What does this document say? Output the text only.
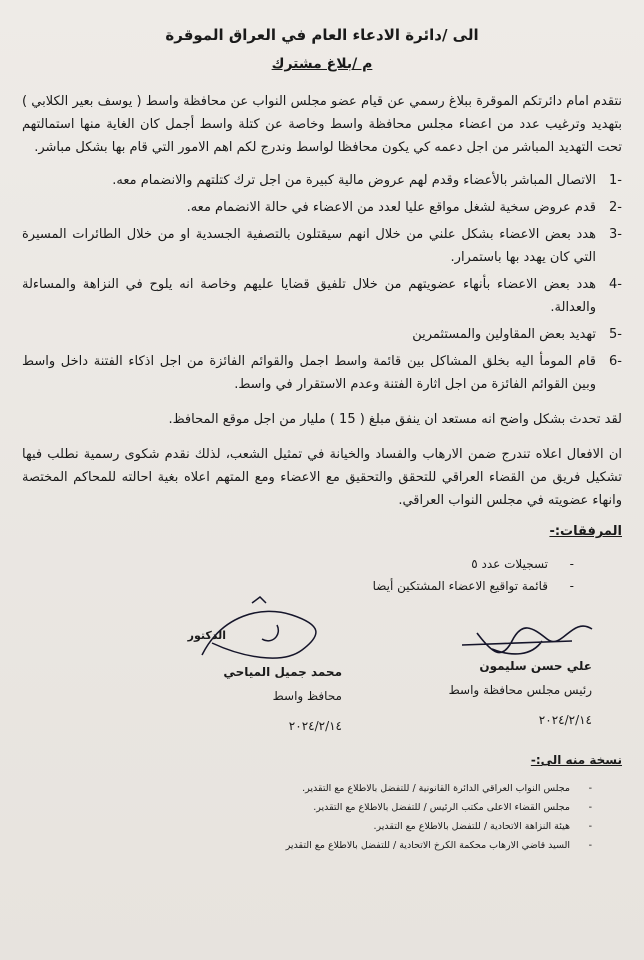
الى /دائرة الادعاء العام في العراق الموقرة
م /بلاغ مشترك
نتقدم امام دائرتكم الموقرة ببلاغ رسمي عن قيام عضو مجلس النواب عن محافظة واسط ( يوسف بعير الكلابي ) بتهديد وترغيب عدد من اعضاء مجلس محافظة واسط وخاصة عن كتلة واسط أجمل كان الغاية منها استمالتهم تحت التهديد المباشر من اجل دعمه كي يكون محافظا لواسط وندرج لكم اهم الامور التي قام بها بشكل مباشر.
-1
الاتصال المباشر بالأعضاء وقدم لهم عروض مالية كبيرة من اجل ترك كتلتهم والانضمام معه.
-2
قدم عروض سخية لشغل مواقع عليا لعدد من الاعضاء في حالة الانضمام معه.
-3
هدد بعض الاعضاء بشكل علني من خلال انهم سيقتلون بالتصفية الجسدية او من خلال الطائرات المسيرة التي كان يهدد بها باستمرار.
-4
هدد بعض الاعضاء بأنهاء عضويتهم من خلال تلفيق قضايا عليهم وخاصة انه يلوح في النزاهة والمساءلة والعدالة.
-5
تهديد بعض المقاولين والمستثمرين
-6
قام المومأ اليه بخلق المشاكل بين قائمة واسط اجمل والقوائم الفائزة من اجل اذكاء الفتنة داخل واسط وبين القوائم الفائزة من اجل اثارة الفتنة وعدم الاستقرار في واسط.
لقد تحدث بشكل واضح انه مستعد ان ينفق مبلغ ( 15 ) مليار من اجل موقع المحافظ.
ان الافعال اعلاه تندرج ضمن الارهاب والفساد والخيانة في تمثيل الشعب، لذلك نقدم شكوى رسمية نطلب فيها تشكيل فريق من القضاء العراقي للتحقق والتحقيق مع الاعضاء ومع المتهم اعلاه بغية احالته للمحاكم المختصة وانهاء عضويته في مجلس النواب العراقي.
المرفقات:-
-
تسجيلات عدد ٥
-
قائمة تواقيع الاعضاء المشتكين أيضا
علي حسن سليمون
رئيس مجلس محافظة واسط
٢٠٢٤/٢/١٤
الدكتور
محمد جميل المياحي
محافظ واسط
٢٠٢٤/٢/١٤
نسخة منه الى:-
-
مجلس النواب العراقي الدائرة القانونية / للتفضل بالاطلاع مع التقدير.
-
مجلس القضاء الاعلى مكتب الرئيس / للتفضل بالاطلاع مع التقدير.
-
هيئة النزاهة الاتحادية / للتفضل بالاطلاع مع التقدير.
-
السيد قاضي الارهاب محكمة الكرخ الاتحادية / للتفضل بالاطلاع مع التقدير
